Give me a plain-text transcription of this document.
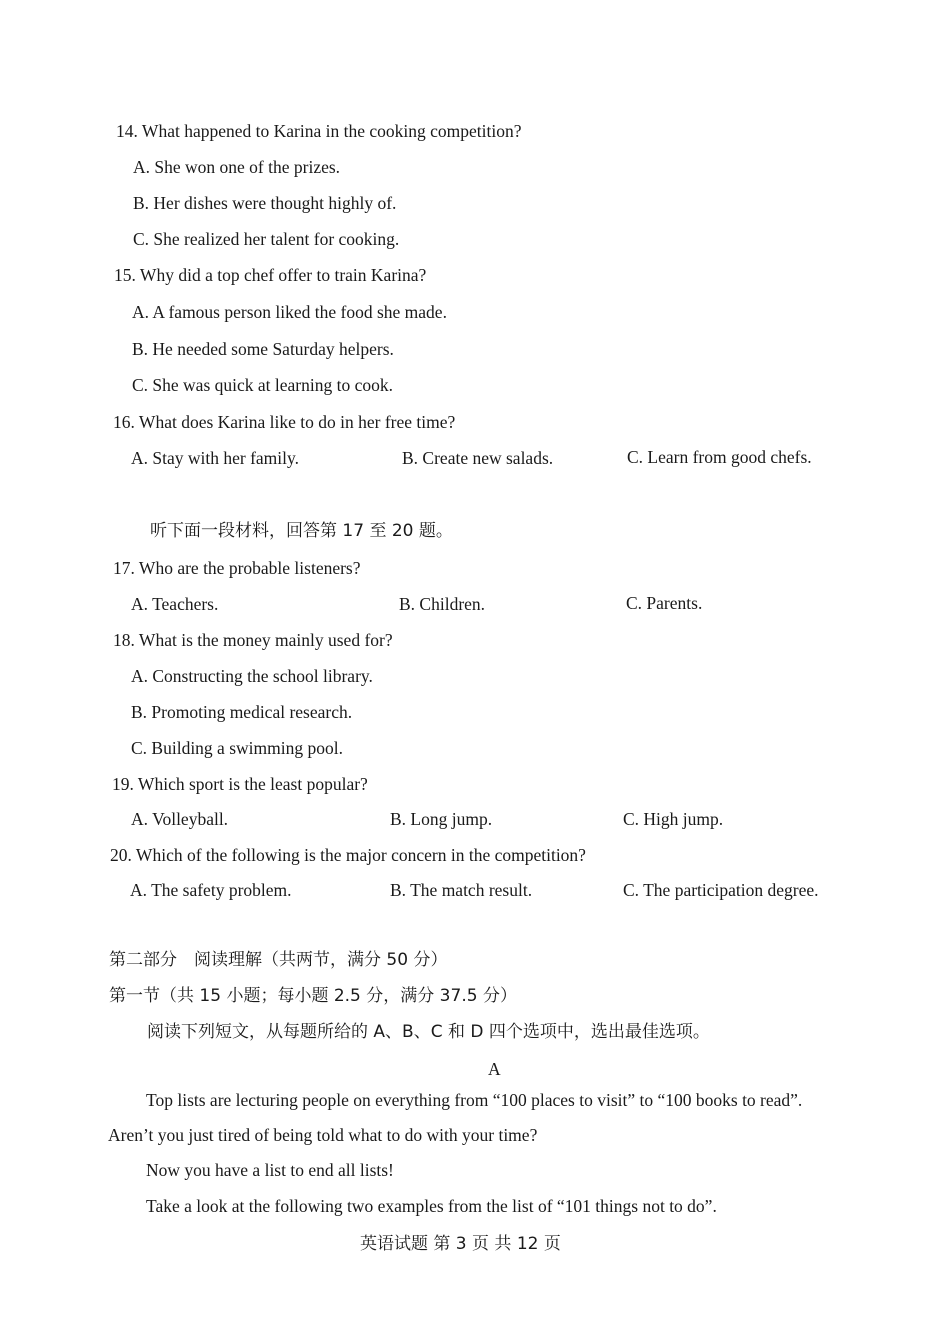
14. What happened to Karina in the cooking competition?
A. She won one of the prizes.
B. Her dishes were thought highly of.
C. She realized her talent for cooking.
15. Why did a top chef offer to train Karina?
A. A famous person liked the food she made.
B. He needed some Saturday helpers.
C. She was quick at learning to cook.
16. What does Karina like to do in her free time?
A. Stay with her family.	B. Create new salads.	C. Learn from good chefs.
听下面一段材料，回答第 17 至 20 题。
17. Who are the probable listeners?
A. Teachers.	B. Children.	C. Parents.
18. What is the money mainly used for?
A. Constructing the school library.
B. Promoting medical research.
C. Building a swimming pool.
19. Which sport is the least popular?
A. Volleyball.	B. Long jump.	C. High jump.
20. Which of the following is the major concern in the competition?
A. The safety problem.	B. The match result.	C. The participation degree.
第二部分　阅读理解（共两节，满分 50 分）
第一节（共 15 小题；每小题 2.5 分，满分 37.5 分）
阅读下列短文，从每题所给的 A、B、C 和 D 四个选项中，选出最佳选项。
A
Top lists are lecturing people on everything from “100 places to visit” to “100 books to read”.
Aren’t you just tired of being told what to do with your time?
Now you have a list to end all lists!
Take a look at the following two examples from the list of “101 things not to do”.
英语试题 第 3 页 共 12 页
